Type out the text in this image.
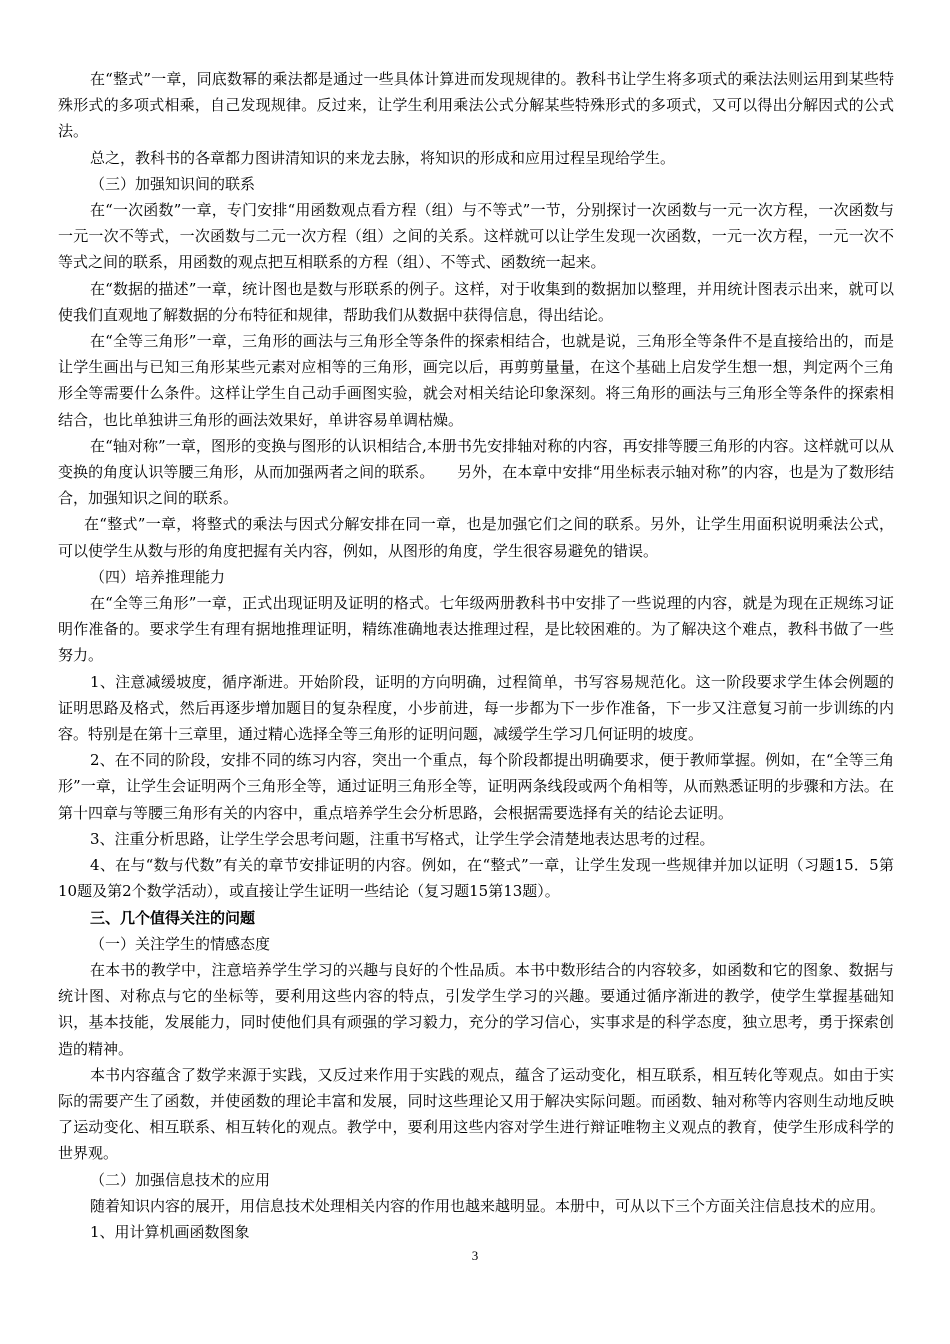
在“整式”一章，同底数幂的乘法都是通过一些具体计算进而发现规律的。教科书让学生将多项式的乘法法则运用到某些特殊形式的多项式相乘，自己发现规律。反过来，让学生利用乘法公式分解某些特殊形式的多项式，又可以得出分解因式的公式法。

总之，教科书的各章都力图讲清知识的来龙去脉，将知识的形成和应用过程呈现给学生。

（三）加强知识间的联系

在“一次函数”一章，专门安排“用函数观点看方程（组）与不等式”一节，分别探讨一次函数与一元一次方程，一次函数与一元一次不等式，一次函数与二元一次方程（组）之间的关系。这样就可以让学生发现一次函数，一元一次方程，一元一次不等式之间的联系，用函数的观点把互相联系的方程（组）、不等式、函数统一起来。

在“数据的描述”一章，统计图也是数与形联系的例子。这样，对于收集到的数据加以整理，并用统计图表示出来，就可以使我们直观地了解数据的分布特征和规律，帮助我们从数据中获得信息，得出结论。

在“全等三角形”一章，三角形的画法与三角形全等条件的探索相结合，也就是说，三角形全等条件不是直接给出的，而是让学生画出与已知三角形某些元素对应相等的三角形，画完以后，再剪剪量量，在这个基础上启发学生想一想，判定两个三角形全等需要什么条件。这样让学生自己动手画图实验，就会对相关结论印象深刻。将三角形的画法与三角形全等条件的探索相结合，也比单独讲三角形的画法效果好，单讲容易单调枯燥。

在“轴对称”一章，图形的变换与图形的认识相结合,本册书先安排轴对称的内容，再安排等腰三角形的内容。这样就可以从变换的角度认识等腰三角形，从而加强两者之间的联系。　　另外，在本章中安排“用坐标表示轴对称”的内容，也是为了数形结合，加强知识之间的联系。

在“整式”一章，将整式的乘法与因式分解安排在同一章，也是加强它们之间的联系。另外，让学生用面积说明乘法公式，可以使学生从数与形的角度把握有关内容，例如，从图形的角度，学生很容易避免的错误。

（四）培养推理能力

在“全等三角形”一章，正式出现证明及证明的格式。七年级两册教科书中安排了一些说理的内容，就是为现在正规练习证明作准备的。要求学生有理有据地推理证明，精练准确地表达推理过程，是比较困难的。为了解决这个难点，教科书做了一些努力。

1、注意减缓坡度，循序渐进。开始阶段，证明的方向明确，过程简单，书写容易规范化。这一阶段要求学生体会例题的证明思路及格式，然后再逐步增加题目的复杂程度，小步前进，每一步都为下一步作准备，下一步又注意复习前一步训练的内容。特别是在第十三章里，通过精心选择全等三角形的证明问题，减缓学生学习几何证明的坡度。

2、在不同的阶段，安排不同的练习内容，突出一个重点，每个阶段都提出明确要求，便于教师掌握。例如，在“全等三角形”一章，让学生会证明两个三角形全等，通过证明三角形全等，证明两条线段或两个角相等，从而熟悉证明的步骤和方法。在第十四章与等腰三角形有关的内容中，重点培养学生会分析思路，会根据需要选择有关的结论去证明。

3、注重分析思路，让学生学会思考问题，注重书写格式，让学生学会清楚地表达思考的过程。

4、在与“数与代数”有关的章节安排证明的内容。例如，在“整式”一章，让学生发现一些规律并加以证明（习题15．5第10题及第2个数学活动），或直接让学生证明一些结论（复习题15第13题）。

三、几个值得关注的问题

（一）关注学生的情感态度

在本书的教学中，注意培养学生学习的兴趣与良好的个性品质。本书中数形结合的内容较多，如函数和它的图象、数据与统计图、对称点与它的坐标等，要利用这些内容的特点，引发学生学习的兴趣。要通过循序渐进的教学，使学生掌握基础知识，基本技能，发展能力，同时使他们具有顽强的学习毅力，充分的学习信心，实事求是的科学态度，独立思考，勇于探索创造的精神。

本书内容蕴含了数学来源于实践，又反过来作用于实践的观点，蕴含了运动变化，相互联系，相互转化等观点。如由于实际的需要产生了函数，并使函数的理论丰富和发展，同时这些理论又用于解决实际问题。而函数、轴对称等内容则生动地反映了运动变化、相互联系、相互转化的观点。教学中，要利用这些内容对学生进行辩证唯物主义观点的教育，使学生形成科学的世界观。

（二）加强信息技术的应用

随着知识内容的展开，用信息技术处理相关内容的作用也越来越明显。本册中，可从以下三个方面关注信息技术的应用。

1、用计算机画函数图象

3
